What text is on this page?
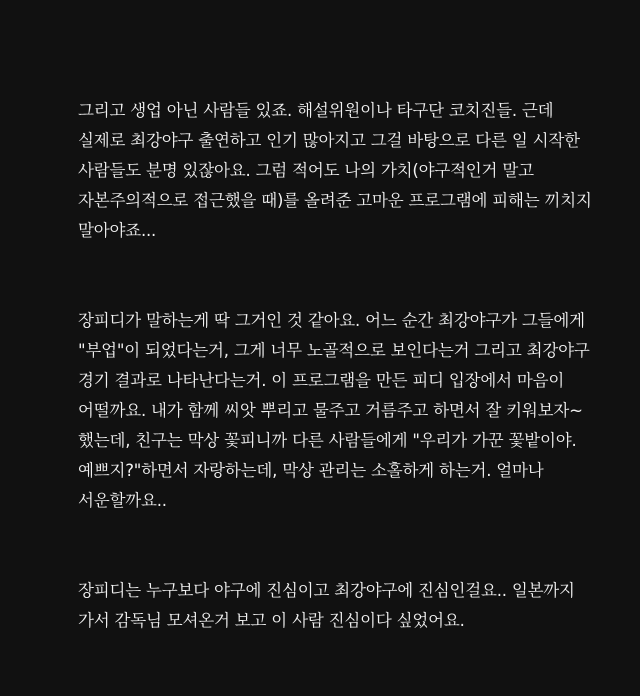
그리고 생업 아닌 사람들 있죠. 해설위원이나 타구단 코치진들. 근데 실제로 최강야구 출연하고 인기 많아지고 그걸 바탕으로 다른 일 시작한 사람들도 분명 있잖아요. 그럼 적어도 나의 가치(야구적인거 말고 자본주의적으로 접근했을 때)를 올려준 고마운 프로그램에 피해는 끼치지 말아야죠...

장피디가 말하는게 딱 그거인 것 같아요. 어느 순간 최강야구가 그들에게 "부업"이 되었다는거, 그게 너무 노골적으로 보인다는거 그리고 최강야구 경기 결과로 나타난다는거. 이 프로그램을 만든 피디 입장에서 마음이 어떨까요. 내가 함께 씨앗 뿌리고 물주고 거름주고 하면서 잘 키워보자~ 했는데, 친구는 막상 꽃피니까 다른 사람들에게 "우리가 가꾼 꽃밭이야. 예쁘지?"하면서 자랑하는데, 막상 관리는 소홀하게 하는거. 얼마나 서운할까요..

장피디는 누구보다 야구에 진심이고 최강야구에 진심인걸요.. 일본까지 가서 감독님 모셔온거 보고 이 사람 진심이다 싶었어요.
